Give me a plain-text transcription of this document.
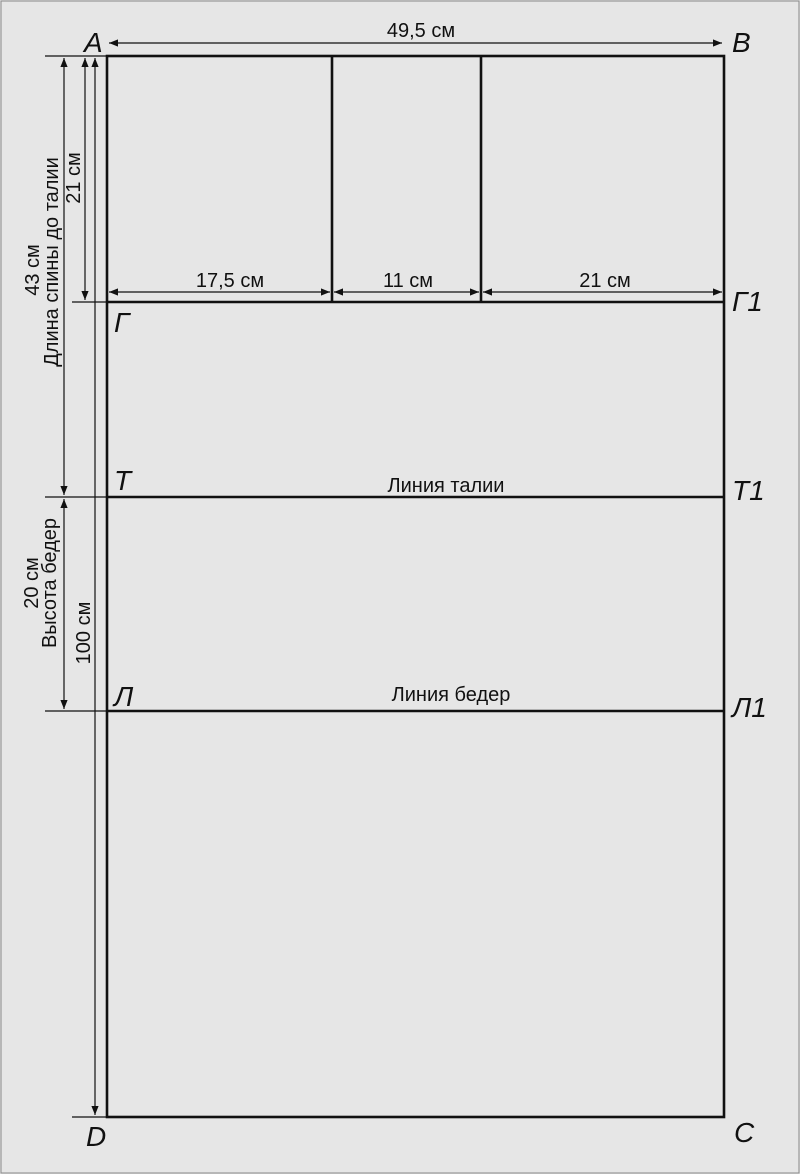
49,5 см
17,5 см	11 см	21 см
21 см
43 см
Длина спины до талии
20 см
Высота бедер 100 см
Линия талии
Линия бедер
A	B
Г
Г1
Т	Т1
Л	Л1
D	C
